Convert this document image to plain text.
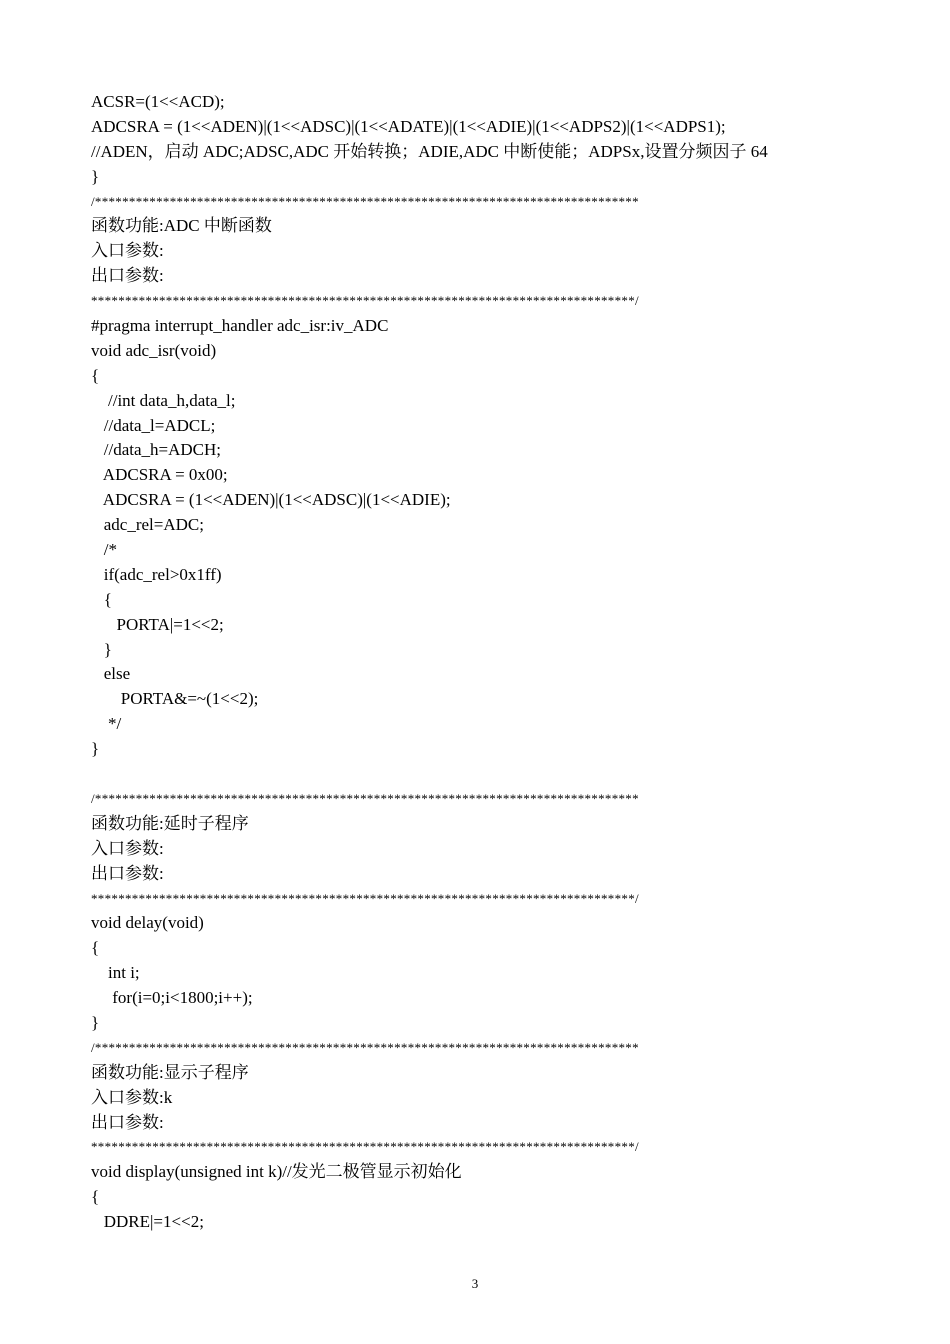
ACSR=(1<<ACD);
ADCSRA = (1<<ADEN)|(1<<ADSC)|(1<<ADATE)|(1<<ADIE)|(1<<ADPS2)|(1<<ADPS1);
//ADEN，启动 ADC;ADSC,ADC 开始转换；ADIE,ADC 中断使能；ADPSx,设置分频因子 64
}
/********************************************************************************
函数功能:ADC 中断函数
入口参数:
出口参数:
********************************************************************************/
#pragma interrupt_handler adc_isr:iv_ADC
void adc_isr(void)
{
//int data_h,data_l;
//data_l=ADCL;
//data_h=ADCH;
ADCSRA = 0x00;
ADCSRA = (1<<ADEN)|(1<<ADSC)|(1<<ADIE);
adc_rel=ADC;
/*
if(adc_rel>0x1ff)
{
PORTA|=1<<2;
}
else
PORTA&=~(1<<2);
*/
}
/********************************************************************************
函数功能:延时子程序
入口参数:
出口参数:
********************************************************************************/
void delay(void)
{
int i;
for(i=0;i<1800;i++);
}
/********************************************************************************
函数功能:显示子程序
入口参数:k
出口参数:
********************************************************************************/
void display(unsigned int k)//发光二极管显示初始化
{
DDRE|=1<<2;
3
